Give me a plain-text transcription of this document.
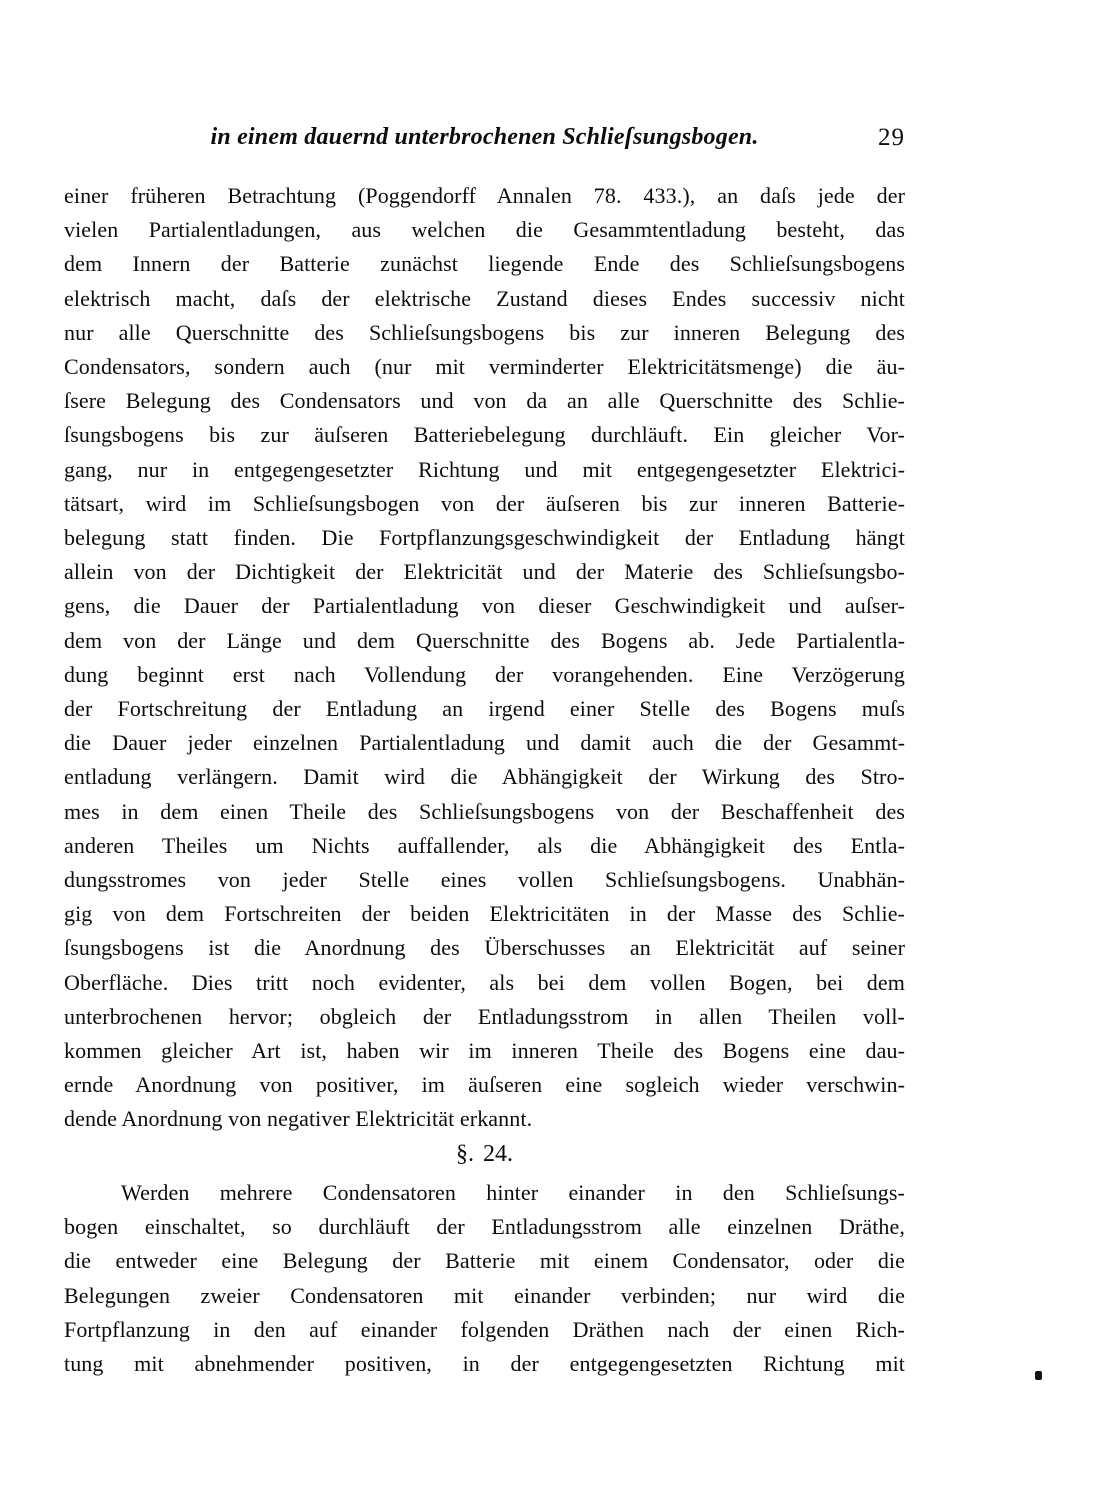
in einem dauernd unterbrochenen Schlieſsungsbogen.	29
einer früheren Betrachtung (Poggendorff Annalen 78. 433.), an daſs jede der
vielen Partialentladungen, aus welchen die Gesammtentladung besteht, das
dem Innern der Batterie zunächst liegende Ende des Schlieſsungsbogens
elektrisch macht, daſs der elektrische Zustand dieses Endes successiv nicht
nur alle Querschnitte des Schlieſsungsbogens bis zur inneren Belegung des
Condensators, sondern auch (nur mit verminderter Elektricitätsmenge) die äu-
ſsere Belegung des Condensators und von da an alle Querschnitte des Schlie-
ſsungsbogens bis zur äuſseren Batteriebelegung durchläuft. Ein gleicher Vor-
gang, nur in entgegengesetzter Richtung und mit entgegengesetzter Elektrici-
tätsart, wird im Schlieſsungsbogen von der äuſseren bis zur inneren Batterie-
belegung statt finden. Die Fortpflanzungsgeschwindigkeit der Entladung hängt
allein von der Dichtigkeit der Elektricität und der Materie des Schlieſsungsbo-
gens, die Dauer der Partialentladung von dieser Geschwindigkeit und auſser-
dem von der Länge und dem Querschnitte des Bogens ab. Jede Partialentla-
dung beginnt erst nach Vollendung der vorangehenden. Eine Verzögerung
der Fortschreitung der Entladung an irgend einer Stelle des Bogens muſs
die Dauer jeder einzelnen Partialentladung und damit auch die der Gesammt-
entladung verlängern. Damit wird die Abhängigkeit der Wirkung des Stro-
mes in dem einen Theile des Schlieſsungsbogens von der Beschaffenheit des
anderen Theiles um Nichts auffallender, als die Abhängigkeit des Entla-
dungsstromes von jeder Stelle eines vollen Schlieſsungsbogens. Unabhän-
gig von dem Fortschreiten der beiden Elektricitäten in der Masse des Schlie-
ſsungsbogens ist die Anordnung des Überschusses an Elektricität auf seiner
Oberfläche. Dies tritt noch evidenter, als bei dem vollen Bogen, bei dem
unterbrochenen hervor; obgleich der Entladungsstrom in allen Theilen voll-
kommen gleicher Art ist, haben wir im inneren Theile des Bogens eine dau-
ernde Anordnung von positiver, im äuſseren eine sogleich wieder verschwin-
dende Anordnung von negativer Elektricität erkannt.
§. 24.
Werden mehrere Condensatoren hinter einander in den Schlieſsungs-
bogen einschaltet, so durchläuft der Entladungsstrom alle einzelnen Dräthe,
die entweder eine Belegung der Batterie mit einem Condensator, oder die
Belegungen zweier Condensatoren mit einander verbinden; nur wird die
Fortpflanzung in den auf einander folgenden Dräthen nach der einen Rich-
tung mit abnehmender positiven, in der entgegengesetzten Richtung mit
